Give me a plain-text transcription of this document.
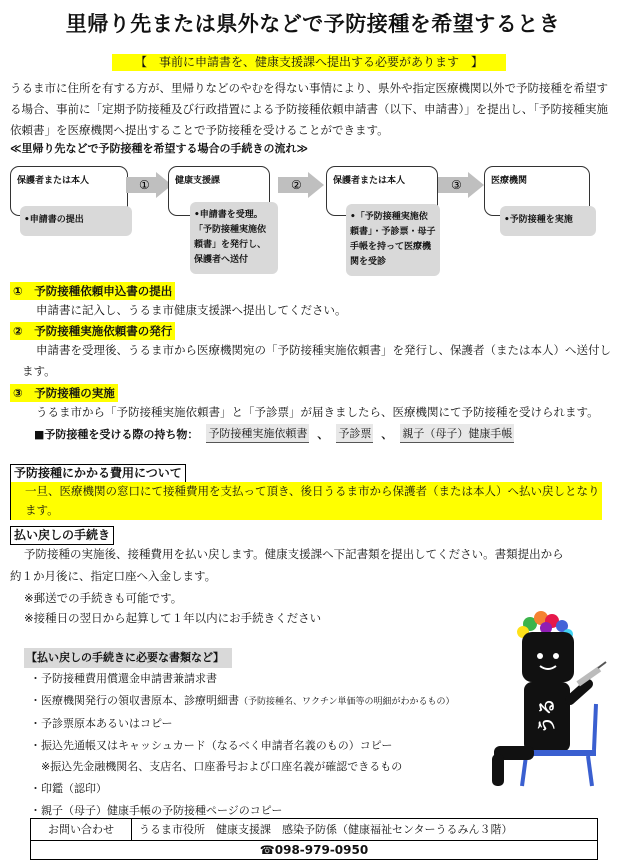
里帰り先または県外などで予防接種を希望するとき
【　事前に申請書を、健康支援課へ提出する必要があります　】
うるま市に住所を有する方が、里帰りなどのやむを得ない事情により、県外や指定医療機関以外で予防接種を希望する場合、事前に「定期予防接種及び行政措置による予防接種依頼申請書（以下、申請書）」を提出し、「予防接種実施依頼書」を医療機関へ提出することで予防接種を受けることができます。
≪里帰り先などで予防接種を希望する場合の手続きの流れ≫
保護者または本人
•申請書の提出
①	健康支援課
•申請書を受理。「予防接種実施依頼書」を発行し、保護者へ送付
②	保護者または本人
•「予防接種実施依頼書」・予診票・母子手帳を持って医療機関を受診
③	医療機関
•予防接種を実施
①　予防接種依頼申込書の提出
申請書に記入し、うるま市健康支援課へ提出してください。
②　予防接種実施依頼書の発行
申請書を受理後、うるま市から医療機関宛の「予防接種実施依頼書」を発行し、保護者（または本人）へ送付します。
③　予防接種の実施
うるま市から「予防接種実施依頼書」と「予診票」が届きましたら、医療機関にて予防接種を受けられます。
■予防接種を受ける際の持ち物： 予防接種実施依頼書 、 予診票 、 親子（母子）健康手帳
予防接種にかかる費用について
一旦、医療機関の窓口にて接種費用を支払って頂き、後日うるま市から保護者（または本人）へ払い戻しとなります。
払い戻しの手続き
予防接種の実施後、接種費用を払い戻します。健康支援課へ下記書類を提出してください。書類提出から
約１か月後に、指定口座へ入金します。
※郵送での手続きも可能です。
※接種日の翌日から起算して１年以内にお手続きください
【払い戻しの手続きに必要な書類など】
・予防接種費用償還金申請書兼請求書
・医療機関発行の領収書原本、診療明細書（予防接種名、ワクチン単価等の明細がわかるもの）
・予診票原本あるいはコピー
・振込先通帳又はキャッシュカード（なるべく申請者名義のもの）コピー
　※振込先金融機関名、支店名、口座番号および口座名義が確認できるもの
・印鑑（認印）
・親子（母子）健康手帳の予防接種ページのコピー
お問い合わせ	うるま市役所　健康支援課　感染予防係（健康福祉センターうるみん３階）
☎098-979-0950
うる
